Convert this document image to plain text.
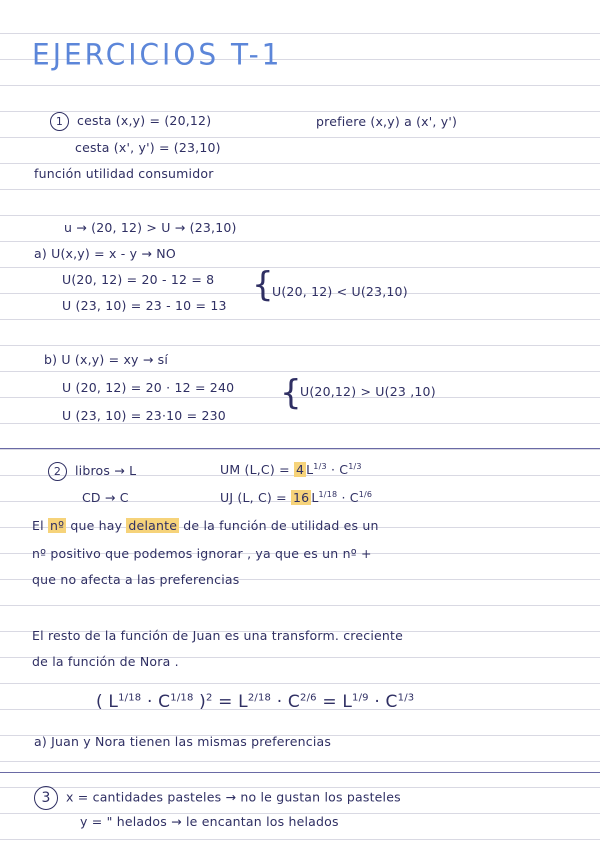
EJERCICIOS T-1
1 cesta (x,y) = (20,12)	prefiere (x,y) a (x', y')
cesta (x', y') = (23,10)
función utilidad consumidor
u → (20, 12) > U → (23,10)
a) U(x,y) = x - y → NO
U(20, 12) = 20 - 12 = 8
U (23, 10) = 23 - 10 = 13
{
U(20, 12) < U(23,10)
b) U (x,y) = xy → sí
U (20, 12) = 20 · 12 = 240
U (23, 10) = 23·10 = 230
{
U(20,12) > U(23 ,10)
2 libros → L	UM (L,C) = 4 $L^{1/3} \cdot C^{1/3}$
CD → C	UJ (L, C) = 16 $L^{1/18} \cdot C^{1/6}$
El nº que hay delante de la función de utilidad es un
nº positivo que podemos ignorar , ya que es un nº +
que no afecta a las preferencias
El resto de la función de Juan es una transform. creciente
de la función de Nora .
( $L^{1/18} \cdot C^{1/18}$ )$^2 = L^{2/18} \cdot C^{2/6} = L^{1/9} \cdot C^{1/3}$
a) Juan y Nora tienen las mismas preferencias
3 x = cantidades pasteles → no le gustan los pasteles
y = " helados → le encantan los helados
